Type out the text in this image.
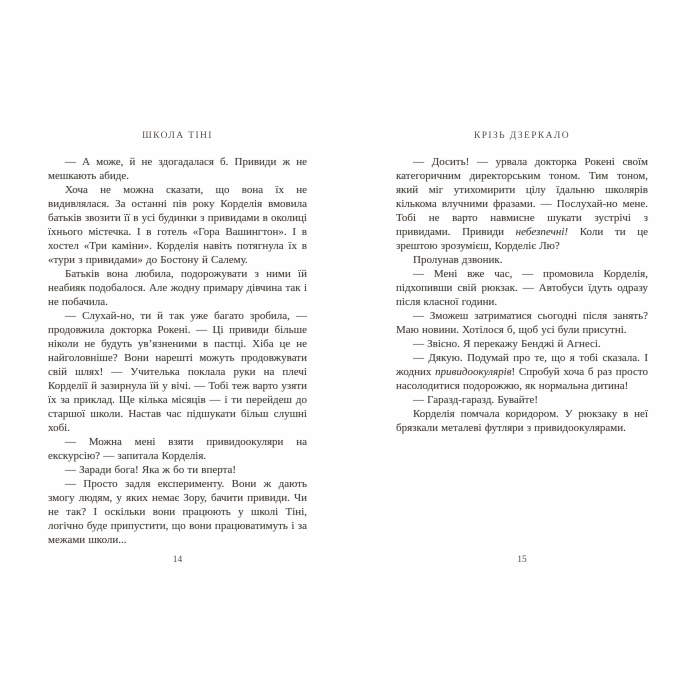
ШКОЛА ТІНІ

— А може, й не здогадалася б. Привиди ж не мешкають абиде.

Хоча не можна сказати, що вона їх не видивлялася. За останні пів року Корделія вмовила батьків звозити її в усі будинки з привидами в околиці їхнього містечка. І в готель «Гора Вашингтон». І в хостел «Три каміни». Корделія навіть потягнула їх в «тури з привидами» до Бостону й Салему.

Батьків вона любила, подорожувати з ними їй неабияк подобалося. Але жодну примару дівчина так і не побачила.

— Слухай-но, ти й так уже багато зробила, — продовжила докторка Рокені. — Ці привиди більше ніколи не будуть ув’язненими в пастці. Хіба це не найголовніше? Вони нарешті можуть продовжувати свій шлях! — Учителька поклала руки на плечі Корделії й зазирнула їй у вічі. — Тобі теж варто узяти їх за приклад. Ще кілька місяців — і ти перейдеш до старшої школи. Настав час підшукати більш слушні хобі.

— Можна мені взяти привидоокуляри на екскурсію? — запитала Корделія.

— Заради бога! Яка ж бо ти вперта!

— Просто задля експерименту. Вони ж дають змогу людям, у яких немає Зору, бачити привиди. Чи не так? І оскільки вони працюють у школі Тіні, логічно буде припустити, що вони працюватимуть і за межами школи...

КРІЗЬ ДЗЕРКАЛО

— Досить! — урвала докторка Рокені своїм категоричним директорським тоном. Тим тоном, який міг утихомирити цілу їдальню школярів кількома влучними фразами. — Послухай-но мене. Тобі не варто навмисне шукати зустрічі з привидами. Привиди небезпечні! Коли ти це зрештою зрозумієш, Корделіє Лю?

Пролунав дзвоник.

— Мені вже час, — промовила Корделія, підхопивши свій рюкзак. — Автобуси їдуть одразу після класної години.

— Зможеш затриматися сьогодні після занять? Маю новини. Хотілося б, щоб усі були присутні.

— Звісно. Я перекажу Бенджі й Агнесі.

— Дякую. Подумай про те, що я тобі сказала. І жодних привидоокулярів! Спробуй хоча б раз просто насолодитися подорожжю, як нормальна дитина!

— Гаразд-гаразд. Бувайте!

Корделія помчала коридором. У рюкзаку в неї брязкали металеві футляри з привидоокулярами.

14	15
